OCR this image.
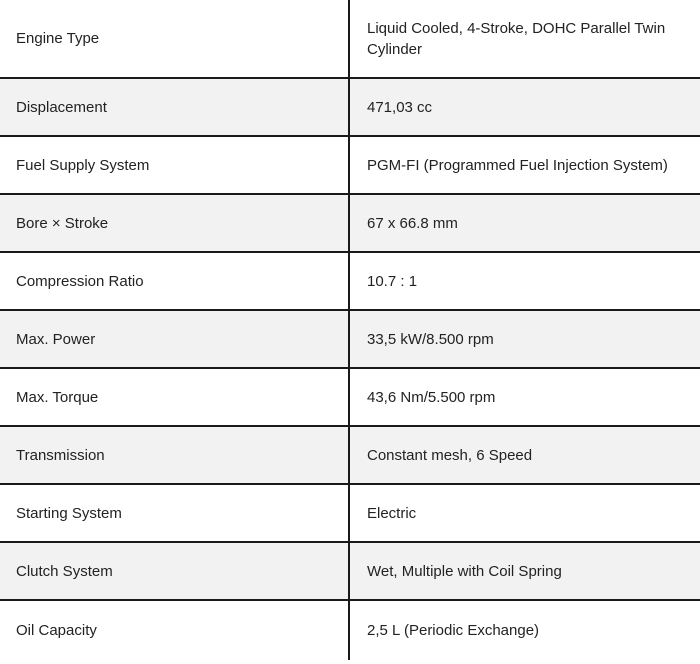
Engine Type	Liquid Cooled, 4-Stroke, DOHC Parallel Twin Cylinder
Displacement	471,03 cc
Fuel Supply System	PGM-FI (Programmed Fuel Injection System)
Bore × Stroke	67 x 66.8 mm
Compression Ratio	10.7 : 1
Max. Power	33,5 kW/8.500 rpm
Max. Torque	43,6 Nm/5.500 rpm
Transmission	Constant mesh, 6 Speed
Starting System	Electric
Clutch System	Wet, Multiple with Coil Spring
Oil Capacity	2,5 L (Periodic Exchange)
